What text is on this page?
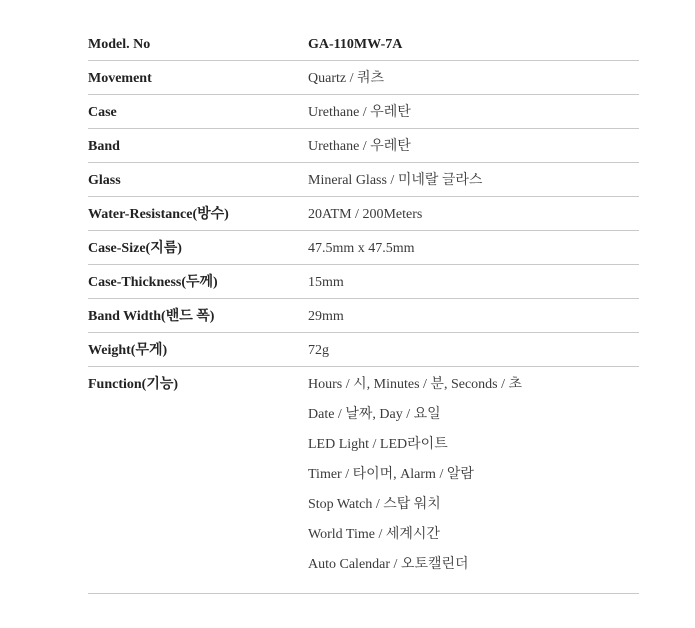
Model. No	GA-110MW-7A
Movement	Quartz / 쿼츠
Case	Urethane / 우레탄
Band	Urethane / 우레탄
Glass	Mineral Glass / 미네랄 글라스
Water-Resistance(방수)	20ATM / 200Meters
Case-Size(지름)	47.5mm x 47.5mm
Case-Thickness(두께)	15mm
Band Width(밴드 폭)	29mm
Weight(무게)	72g
Function(기능)	Hours / 시, Minutes / 분, Seconds / 초
Date / 날짜, Day / 요일
LED Light / LED라이트
Timer / 타이머, Alarm / 알람
Stop Watch / 스탑 워치
World Time / 세계시간
Auto Calendar / 오토캘린더
